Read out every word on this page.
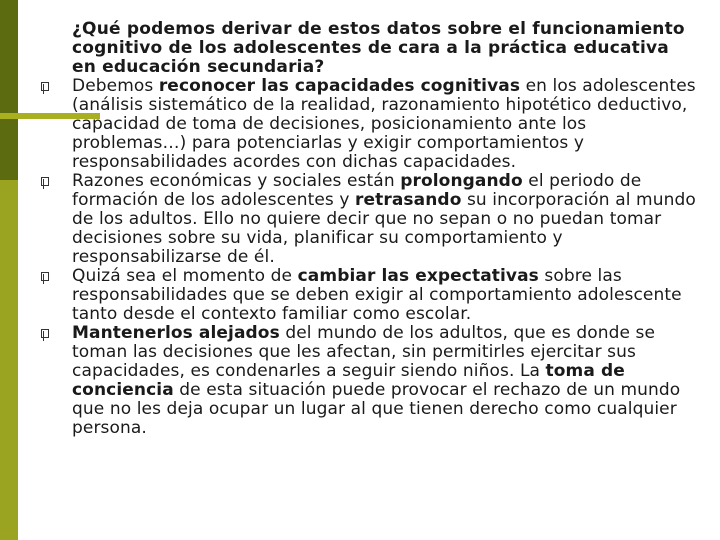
¿Qué podemos derivar de estos datos sobre el funcionamiento cognitivo de los adolescentes de cara a la práctica educativa en educación secundaria?

Debemos reconocer las capacidades cognitivas en los adolescentes (análisis sistemático de la realidad, razonamiento hipotético deductivo, capacidad de toma de decisiones, posicionamiento ante los problemas…) para potenciarlas y exigir comportamientos y responsabilidades acordes con dichas capacidades.
Razones económicas y sociales están prolongando el periodo de formación de los adolescentes y retrasando su incorporación al mundo de los adultos. Ello no quiere decir que no sepan o no puedan tomar decisiones sobre su vida, planificar su comportamiento y responsabilizarse de él.
Quizá sea el momento de cambiar las expectativas sobre las responsabilidades que se deben exigir al comportamiento adolescente tanto desde el contexto familiar como escolar.
Mantenerlos alejados del mundo de los adultos, que es donde se toman las decisiones que les afectan, sin permitirles ejercitar sus capacidades, es condenarles a seguir siendo niños. La toma de conciencia de esta situación puede provocar el rechazo de un mundo que no les deja ocupar un lugar al que tienen derecho como cualquier persona.
